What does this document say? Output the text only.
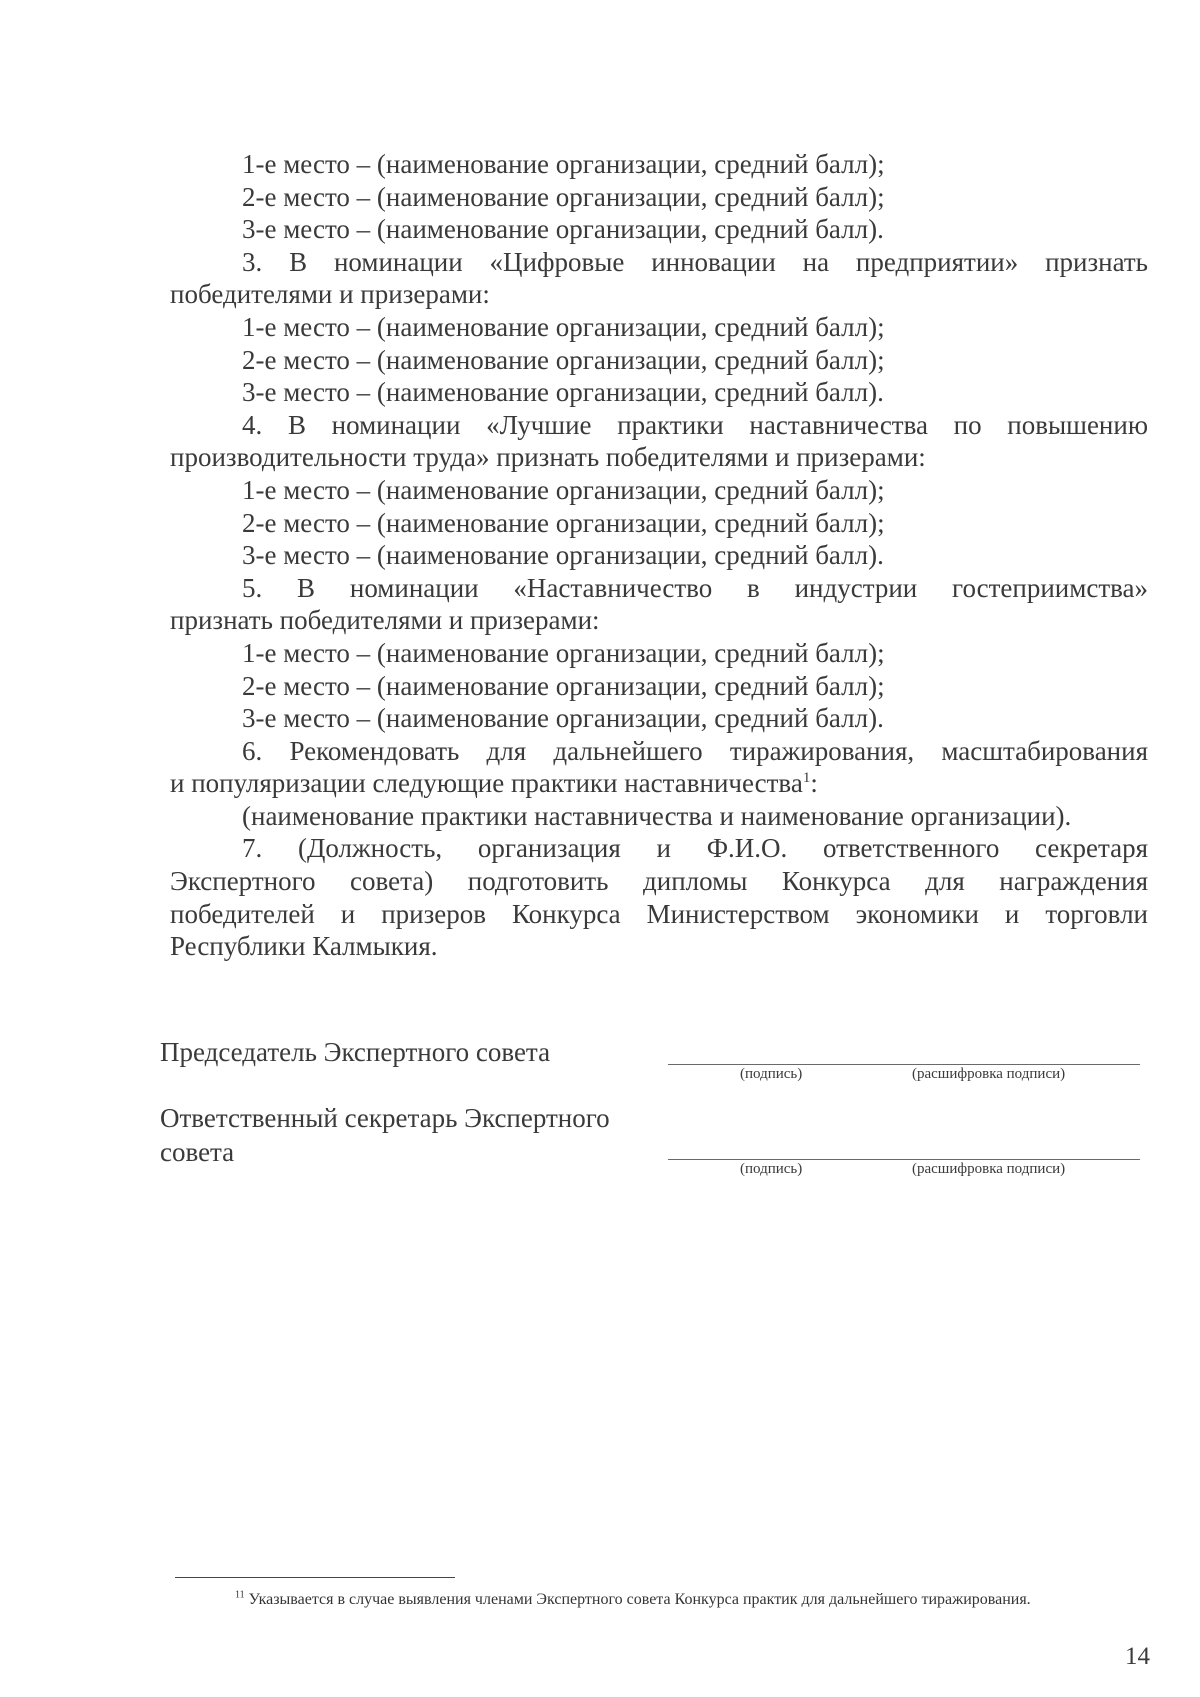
1-е место – (наименование организации, средний балл);

2-е место – (наименование организации, средний балл);

3-е место – (наименование организации, средний балл).

3. В номинации «Цифровые инновации на предприятии» признать

победителями и призерами:

1-е место – (наименование организации, средний балл);

2-е место – (наименование организации, средний балл);

3-е место – (наименование организации, средний балл).

4. В номинации «Лучшие практики наставничества по повышению

производительности труда» признать победителями и призерами:

1-е место – (наименование организации, средний балл);

2-е место – (наименование организации, средний балл);

3-е место – (наименование организации, средний балл).

5. В номинации «Наставничество в индустрии гостеприимства»

признать победителями и призерами:

1-е место – (наименование организации, средний балл);

2-е место – (наименование организации, средний балл);

3-е место – (наименование организации, средний балл).

6. Рекомендовать для дальнейшего тиражирования, масштабирования

и популяризации следующие практики наставничества$^1$:

(наименование практики наставничества и наименование организации).

7. (Должность, организация и Ф.И.О. ответственного секретаря

Экспертного совета) подготовить дипломы Конкурса для награждения

победителей и призеров Конкурса Министерством экономики и торговли

Республики Калмыкия.

Председатель Экспертного совета
(подпись)	(расшифровка подписи)
Ответственный секретарь Экспертного
совета
(подпись)	(расшифровка подписи)
$^{11}$ Указывается в случае выявления членами Экспертного совета Конкурса практик для дальнейшего тиражирования.
14
